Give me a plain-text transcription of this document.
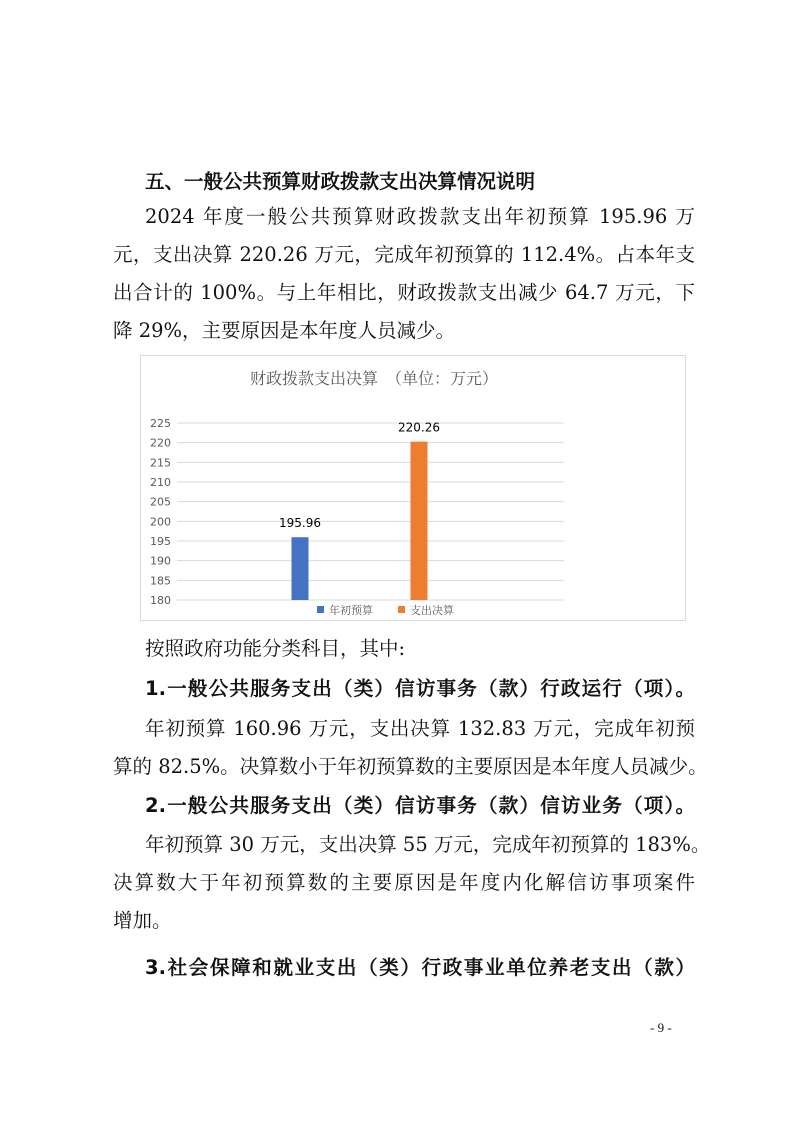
五、一般公共预算财政拨款支出决算情况说明
2024 年度一般公共预算财政拨款支出年初预算 195.96 万
元，支出决算 220.26 万元，完成年初预算的 112.4%。占本年支
出合计的 100%。与上年相比，财政拨款支出减少 64.7 万元，下
降 29%，主要原因是本年度人员减少。
财政拨款支出决算　（单位：万元）
180
185
190
195
200
205
210
215
220
225
195.96
220.26
年初预算	支出决算
按照政府功能分类科目，其中:
1.一般公共服务支出（类）信访事务（款）行政运行（项）。
年初预算 160.96 万元，支出决算 132.83 万元，完成年初预
算的 82.5%。决算数小于年初预算数的主要原因是本年度人员减少。
2.一般公共服务支出（类）信访事务（款）信访业务（项）。
年初预算 30 万元，支出决算 55 万元，完成年初预算的 183%。
决算数大于年初预算数的主要原因是年度内化解信访事项案件
增加。
3.社会保障和就业支出（类）行政事业单位养老支出（款）
- 9 -
